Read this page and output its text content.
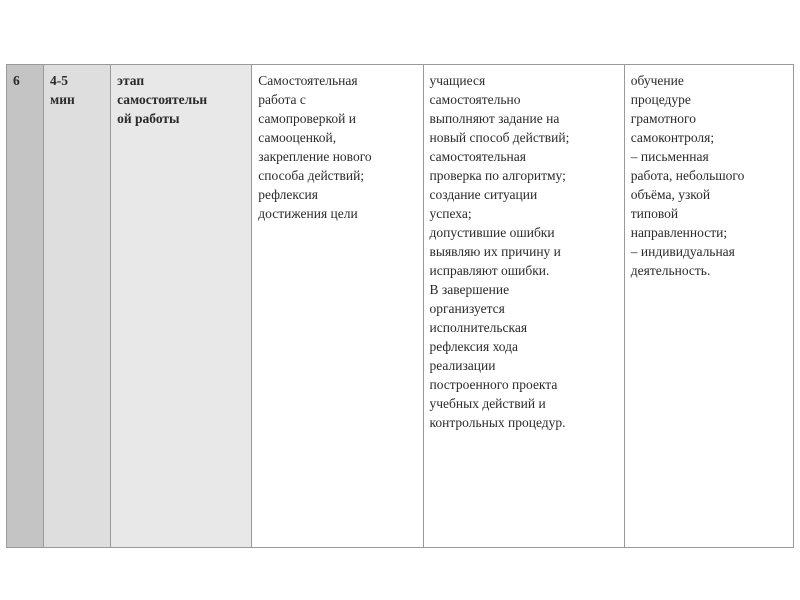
6	4-5
мин

этап
самостоятельн
ой работы

Самостоятельная
работа с
самопроверкой и
самооценкой,
закрепление нового
способа действий;
рефлексия
достижения цели

учащиеся
самостоятельно
выполняют задание на
новый способ действий;
самостоятельная
проверка по алгоритму;
создание ситуации
успеха;
допустившие ошибки
выявляю их причину и
исправляют ошибки.
В завершение
организуется
исполнительская
рефлексия хода
реализации
построенного проекта
учебных действий и
контрольных процедур.

обучение
процедуре
грамотного
самоконтроля;
– письменная
работа, небольшого
объёма, узкой
типовой
направленности;
– индивидуальная
деятельность.
